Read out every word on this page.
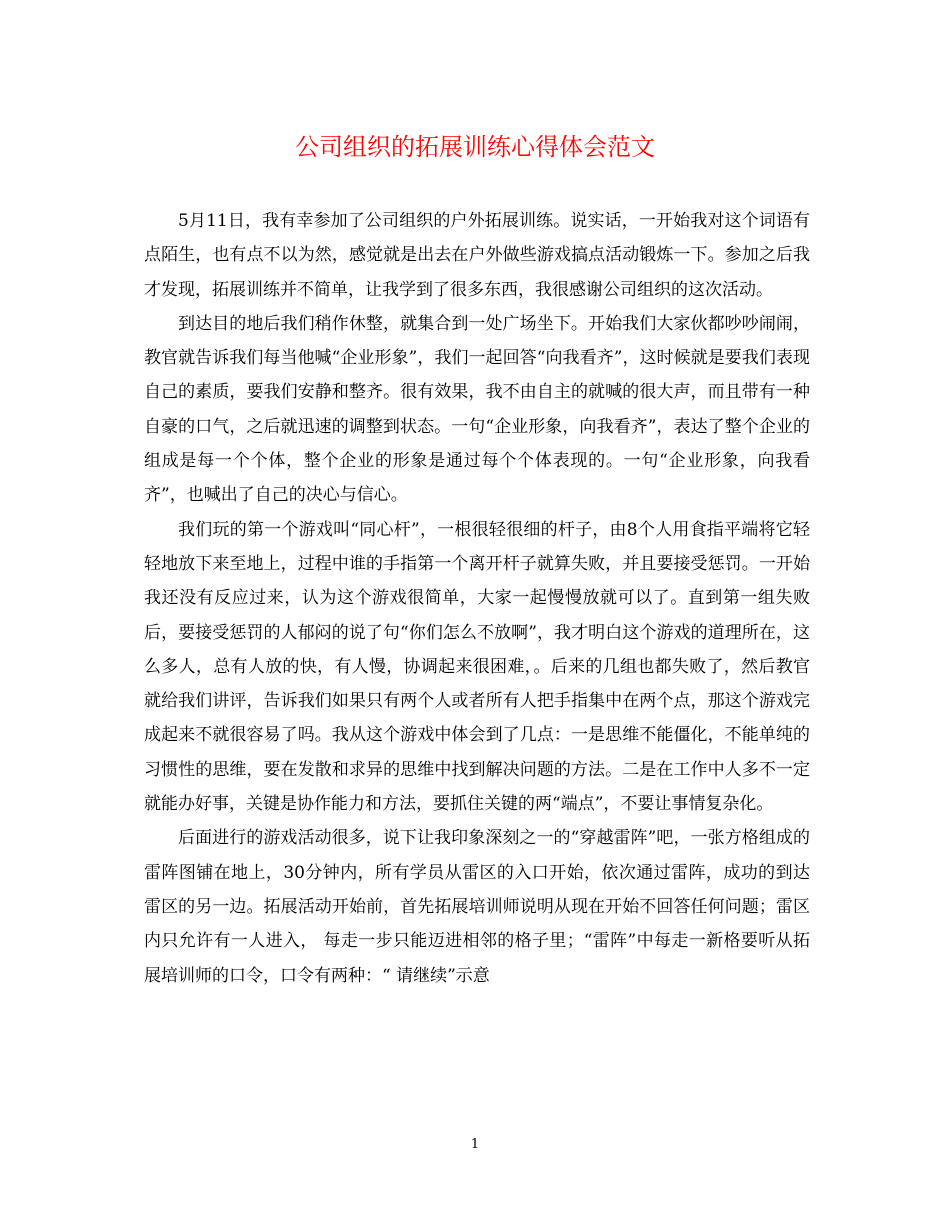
公司组织的拓展训练心得体会范文

5月11日，我有幸参加了公司组织的户外拓展训练。说实话，一开始我对这个词语有点陌生，也有点不以为然，感觉就是出去在户外做些游戏搞点活动锻炼一下。参加之后我才发现，拓展训练并不简单，让我学到了很多东西，我很感谢公司组织的这次活动。

到达目的地后我们稍作休整，就集合到一处广场坐下。开始我们大家伙都吵吵闹闹，教官就告诉我们每当他喊“企业形象”，我们一起回答“向我看齐”，这时候就是要我们表现自己的素质，要我们安静和整齐。很有效果，我不由自主的就喊的很大声，而且带有一种自豪的口气，之后就迅速的调整到状态。一句“企业形象，向我看齐”，表达了整个企业的组成是每一个个体，整个企业的形象是通过每个个体表现的。一句“企业形象，向我看齐”，也喊出了自己的决心与信心。

我们玩的第一个游戏叫“同心杆”，一根很轻很细的杆子，由8个人用食指平端将它轻轻地放下来至地上，过程中谁的手指第一个离开杆子就算失败，并且要接受惩罚。一开始我还没有反应过来，认为这个游戏很简单，大家一起慢慢放就可以了。直到第一组失败后，要接受惩罚的人郁闷的说了句“你们怎么不放啊”，我才明白这个游戏的道理所在，这么多人，总有人放的快，有人慢，协调起来很困难，。后来的几组也都失败了，然后教官就给我们讲评，告诉我们如果只有两个人或者所有人把手指集中在两个点，那这个游戏完成起来不就很容易了吗。我从这个游戏中体会到了几点：一是思维不能僵化，不能单纯的习惯性的思维，要在发散和求异的思维中找到解决问题的方法。二是在工作中人多不一定就能办好事，关键是协作能力和方法，要抓住关键的两“端点”，不要让事情复杂化。

后面进行的游戏活动很多，说下让我印象深刻之一的“穿越雷阵”吧，一张方格组成的雷阵图铺在地上，30分钟内，所有学员从雷区的入口开始，依次通过雷阵，成功的到达雷区的另一边。拓展活动开始前，首先拓展培训师说明从现在开始不回答任何问题；雷区内只允许有一人进入， 每走一步只能迈进相邻的格子里；“雷阵”中每走一新格要听从拓展培训师的口令，口令有两种：“ 请继续”示意

1
